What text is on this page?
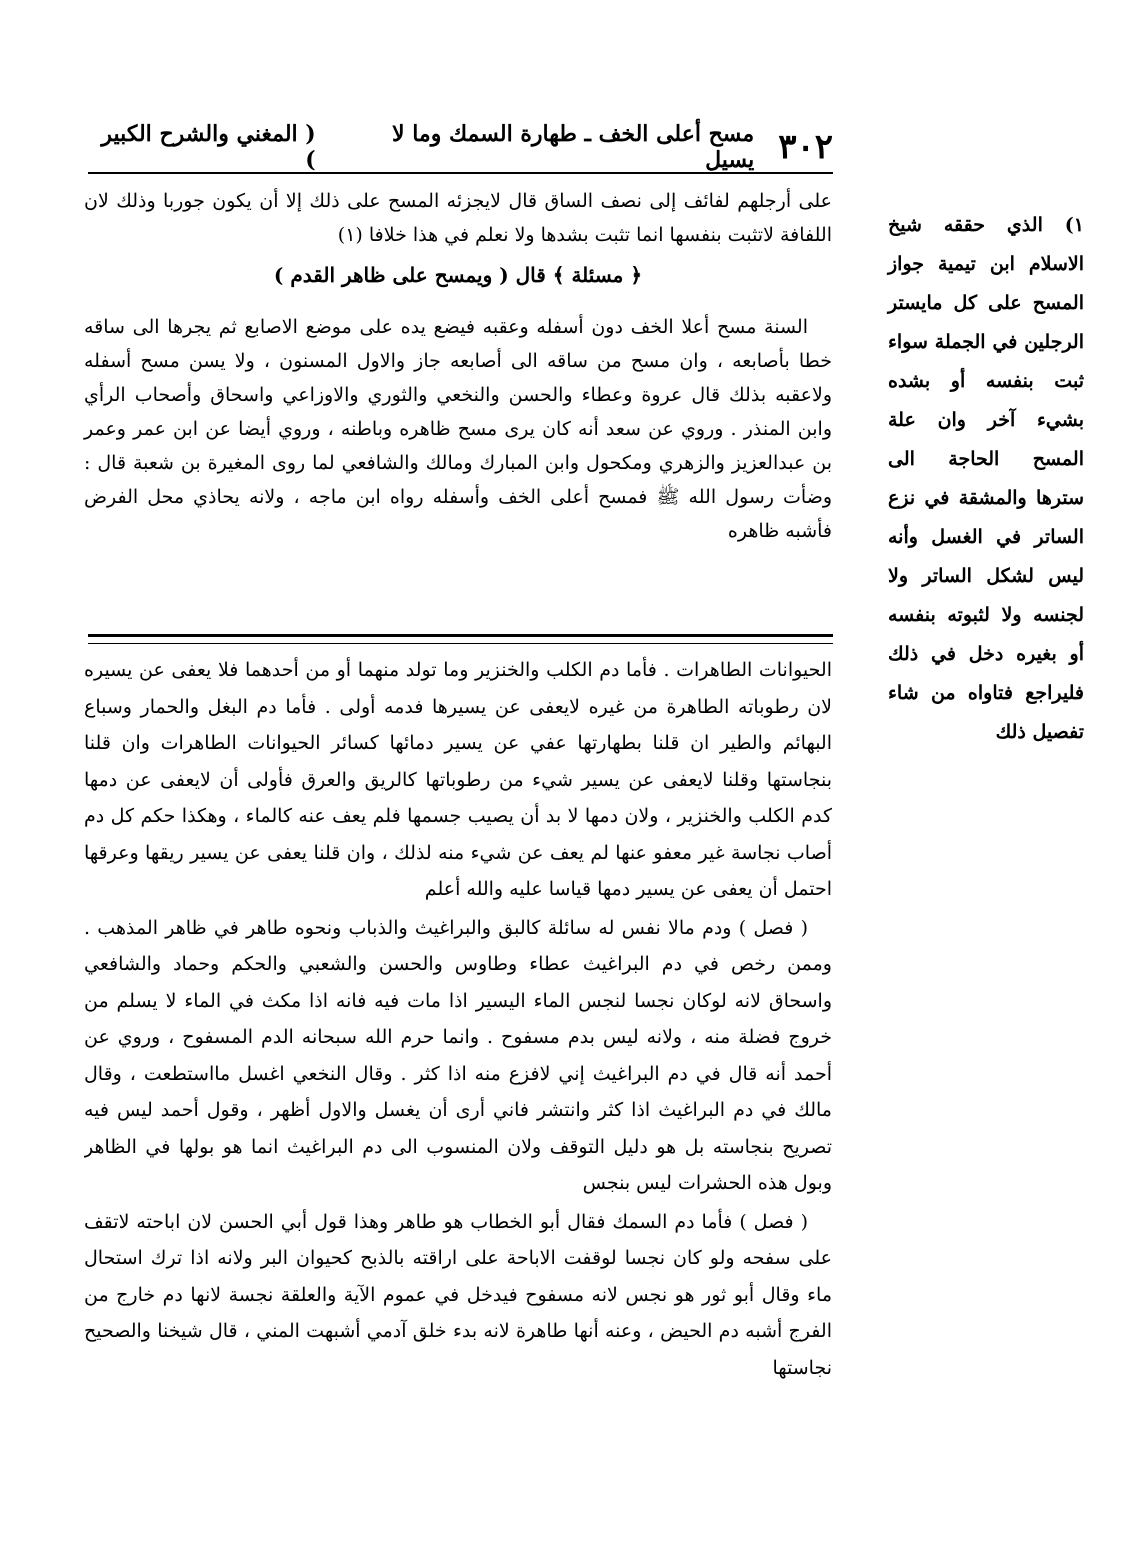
٣٠٢
مسح أعلى الخف ـ طهارة السمك وما لا يسيل
( المغني والشرح الكبير )
على أرجلهم لفائف إلى نصف الساق قال لايجزئه المسح على ذلك إلا أن يكون جوربا وذلك لان
اللفافة لاتثبت بنفسها انما تثبت بشدها ولا نعلم في هذا خلافا (١)
﴿ مسئلة ﴾ قال ( ويمسح على ظاهر القدم )

السنة مسح أعلا الخف دون أسفله وعقبه فيضع يده على موضع الاصابع ثم يجرها الى ساقه خطا بأصابعه ، وان مسح من ساقه الى أصابعه جاز والاول المسنون ، ولا يسن مسح أسفله ولاعقبه بذلك قال عروة وعطاء والحسن والنخعي والثوري والاوزاعي واسحاق وأصحاب الرأي وابن المنذر . وروي عن سعد أنه كان يرى مسح ظاهره وباطنه ، وروي أيضا عن ابن عمر وعمر بن عبدالعزيز والزهري ومكحول وابن المبارك ومالك والشافعي لما روى المغيرة بن شعبة قال : وضأت رسول الله ﷺ فمسح أعلى الخف وأسفله رواه ابن ماجه ، ولانه يحاذي محل الفرض فأشبه ظاهره

الحيوانات الطاهرات . فأما دم الكلب والخنزير وما تولد منهما أو من أحدهما فلا يعفى عن يسيره لان رطوباته الطاهرة من غيره لايعفى عن يسيرها فدمه أولى . فأما دم البغل والحمار وسباع البهائم والطير ان قلنا بطهارتها عفي عن يسير دمائها كسائر الحيوانات الطاهرات وان قلنا بنجاستها وقلنا لايعفى عن يسير شيء من رطوباتها كالريق والعرق فأولى أن لايعفى عن دمها كدم الكلب والخنزير ، ولان دمها لا بد أن يصيب جسمها فلم يعف عنه كالماء ، وهكذا حكم كل دم أصاب نجاسة غير معفو عنها لم يعف عن شيء منه لذلك ، وان قلنا يعفى عن يسير ريقها وعرقها احتمل أن يعفى عن يسير دمها قياسا عليه والله أعلم

( فصل ) ودم مالا نفس له سائلة كالبق والبراغيث والذباب ونحوه طاهر في ظاهر المذهب . وممن رخص في دم البراغيث عطاء وطاوس والحسن والشعبي والحكم وحماد والشافعي واسحاق لانه لوكان نجسا لنجس الماء اليسير اذا مات فيه فانه اذا مكث في الماء لا يسلم من خروج فضلة منه ، ولانه ليس بدم مسفوح . وانما حرم الله سبحانه الدم المسفوح ، وروي عن أحمد أنه قال في دم البراغيث إني لافزع منه اذا كثر . وقال النخعي اغسل مااستطعت ، وقال مالك في دم البراغيث اذا كثر وانتشر فاني أرى أن يغسل والاول أظهر ، وقول أحمد ليس فيه تصريح بنجاسته بل هو دليل التوقف ولان المنسوب الى دم البراغيث انما هو بولها في الظاهر وبول هذه الحشرات ليس بنجس

( فصل ) فأما دم السمك فقال أبو الخطاب هو طاهر وهذا قول أبي الحسن لان اباحته لاتقف على سفحه ولو كان نجسا لوقفت الاباحة على اراقته بالذبح كحيوان البر ولانه اذا ترك استحال ماء وقال أبو ثور هو نجس لانه مسفوح فيدخل في عموم الآية والعلقة نجسة لانها دم خارج من الفرج أشبه دم الحيض ، وعنه أنها طاهرة لانه بدء خلق آدمي أشبهت المني ، قال شيخنا والصحيح نجاستها

١) الذي حققه شيخ الاسلام ابن تيمية جواز المسح على كل مايستر الرجلين في الجملة سواء ثبت بنفسه أو بشده بشيء آخر وان علة المسح الحاجة الى سترها والمشقة في نزع الساتر في الغسل وأنه ليس لشكل الساتر ولا لجنسه ولا لثبوته بنفسه أو بغيره دخل في ذلك فليراجع فتاواه من شاء تفصيل ذلك
